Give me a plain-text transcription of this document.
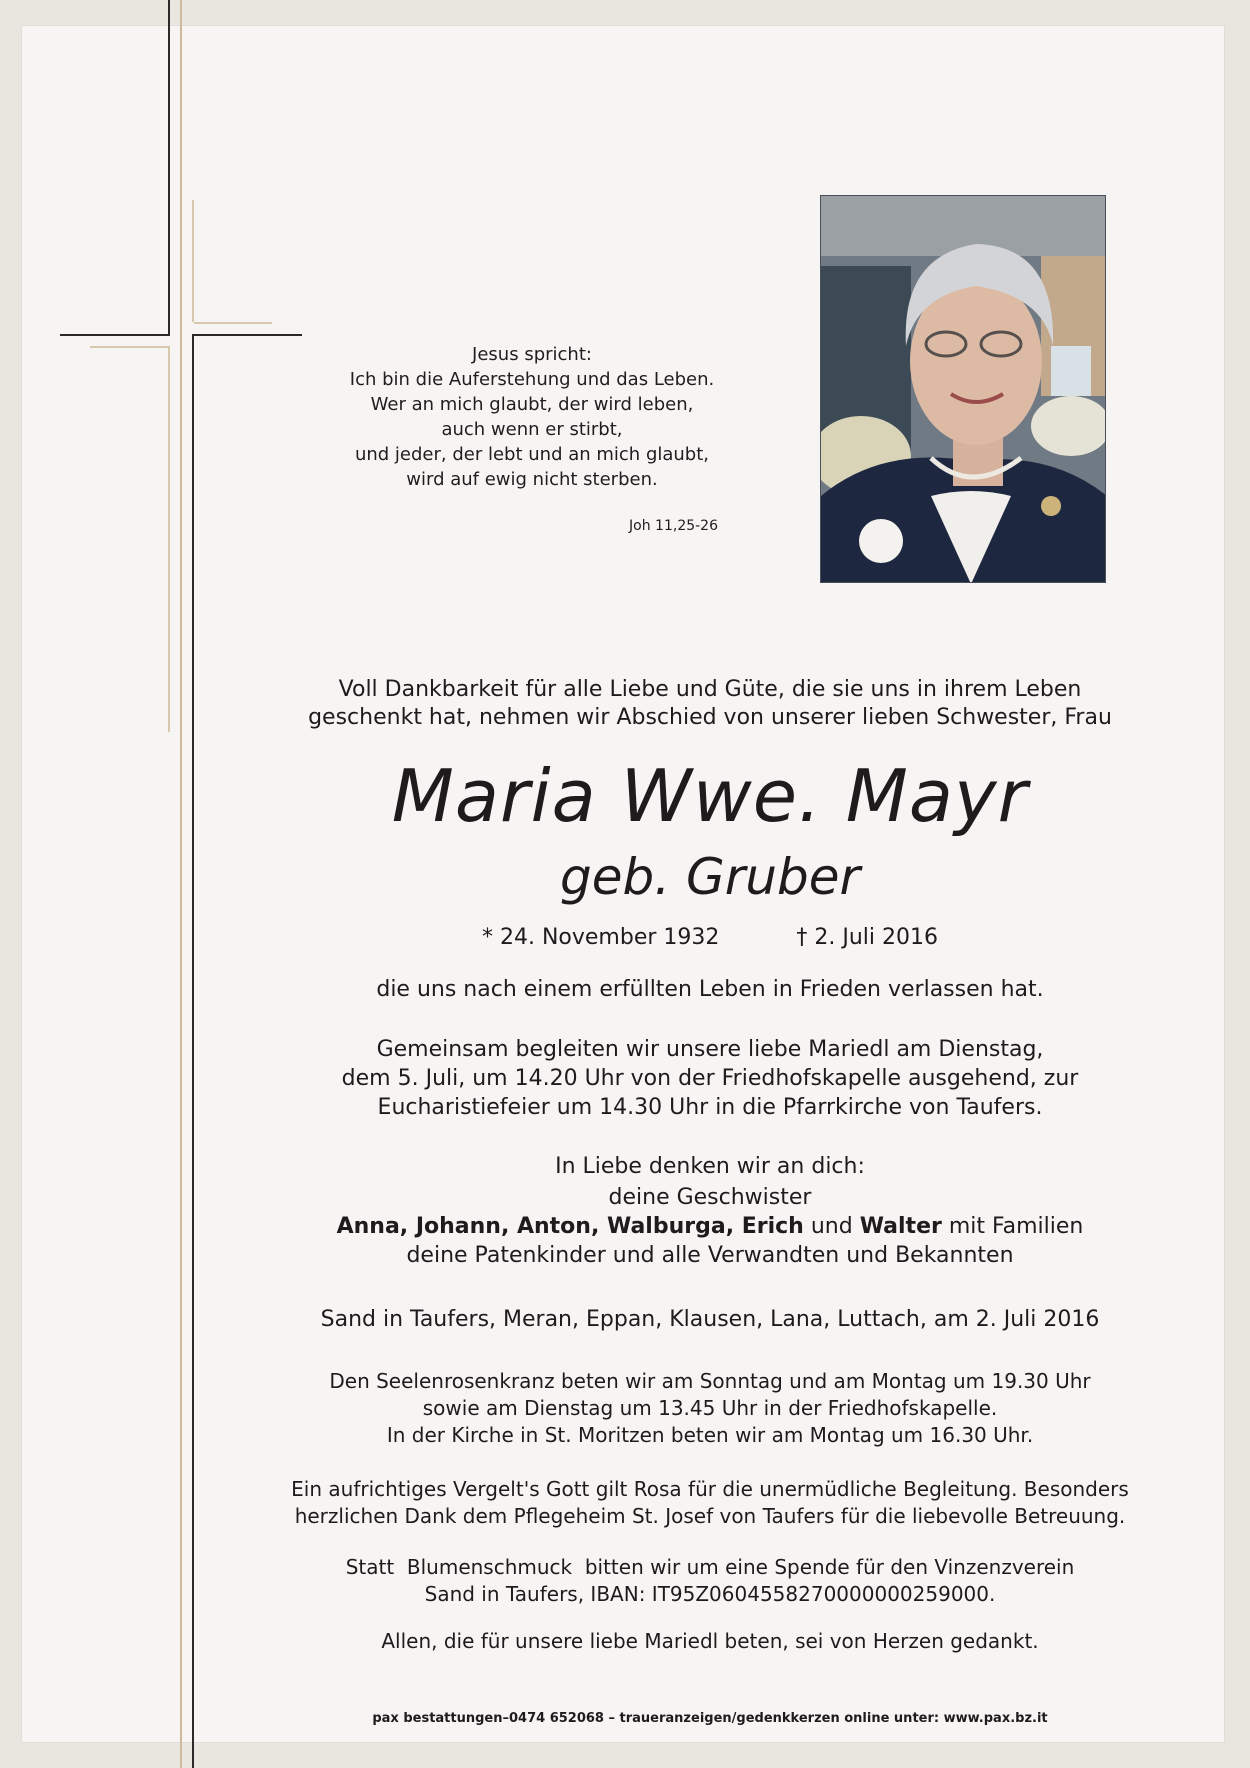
Jesus spricht:
Ich bin die Auferstehung und das Leben.
Wer an mich glaubt, der wird leben,
auch wenn er stirbt,
und jeder, der lebt und an mich glaubt,
wird auf ewig nicht sterben.
Joh 11,25-26
Voll Dankbarkeit für alle Liebe und Güte, die sie uns in ihrem Leben
geschenkt hat, nehmen wir Abschied von unserer lieben Schwester, Frau
Maria Wwe. Mayr
geb. Gruber
* 24. November 1932	† 2. Juli 2016
die uns nach einem erfüllten Leben in Frieden verlassen hat.
Gemeinsam begleiten wir unsere liebe Mariedl am Dienstag,
dem 5. Juli, um 14.20 Uhr von der Friedhofskapelle ausgehend, zur
Eucharistiefeier um 14.30 Uhr in die Pfarrkirche von Taufers.
In Liebe denken wir an dich:
deine Geschwister
Anna, Johann, Anton, Walburga, Erich und Walter mit Familien
deine Patenkinder und alle Verwandten und Bekannten
Sand in Taufers, Meran, Eppan, Klausen, Lana, Luttach, am 2. Juli 2016
Den Seelenrosenkranz beten wir am Sonntag und am Montag um 19.30 Uhr
sowie am Dienstag um 13.45 Uhr in der Friedhofskapelle.
In der Kirche in St. Moritzen beten wir am Montag um 16.30 Uhr.
Ein aufrichtiges Vergelt's Gott gilt Rosa für die unermüdliche Begleitung. Besonders
herzlichen Dank dem Pflegeheim St. Josef von Taufers für die liebevolle Betreuung.
Statt  Blumenschmuck  bitten wir um eine Spende für den Vinzenzverein
Sand in Taufers, IBAN: IT95Z0604558270000000259000.
Allen, die für unsere liebe Mariedl beten, sei von Herzen gedankt.
pax bestattungen–0474 652068 – traueranzeigen/gedenkkerzen online unter: www.pax.bz.it
